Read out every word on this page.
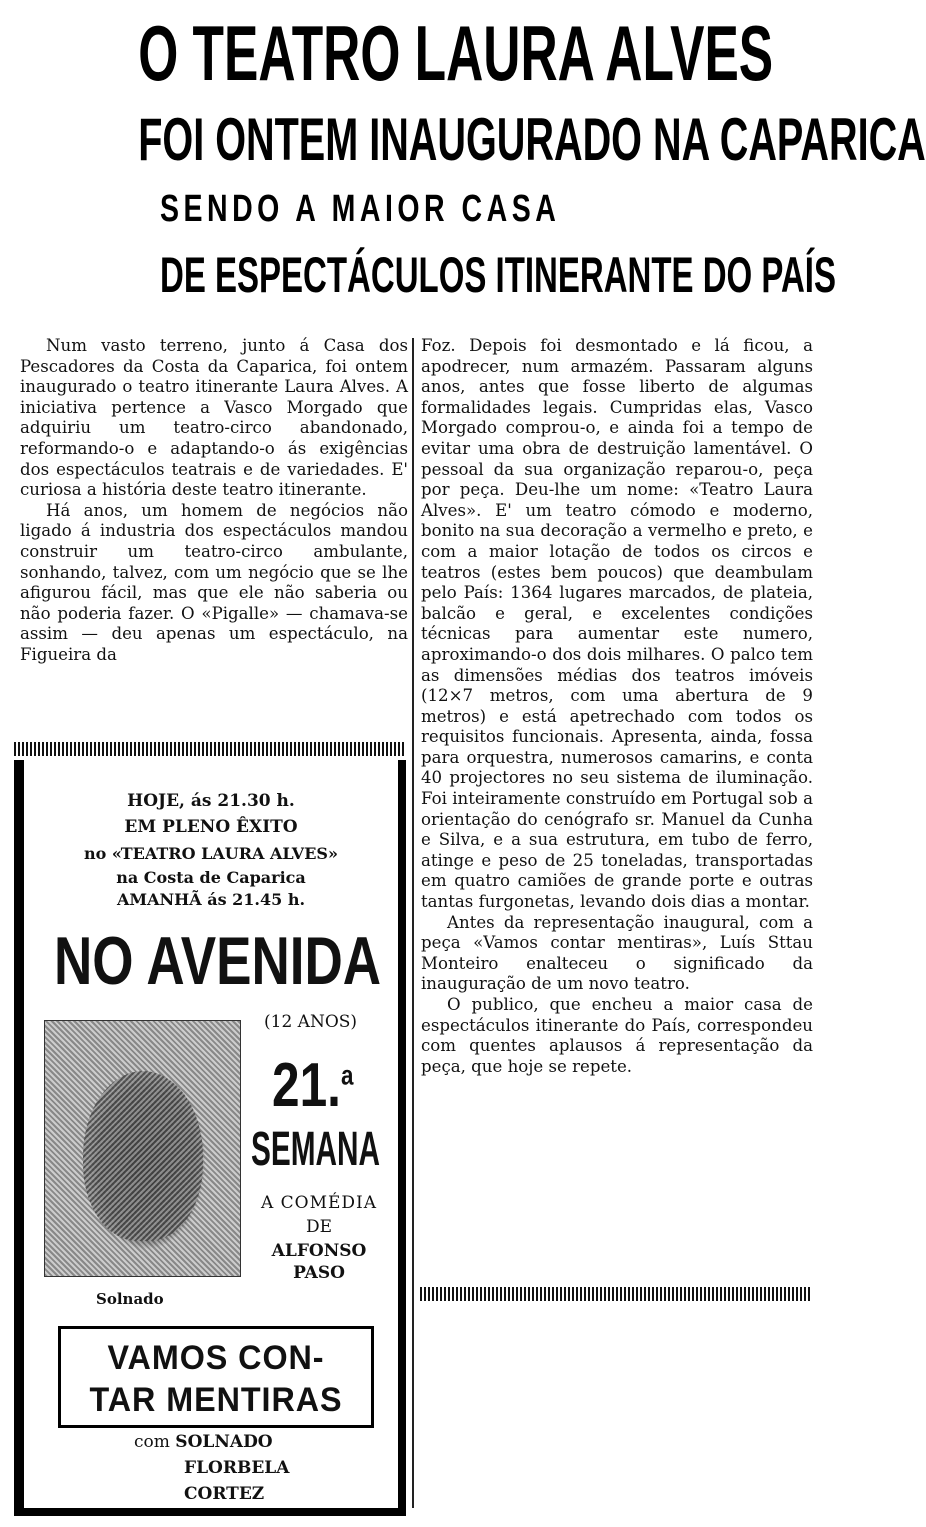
O TEATRO LAURA ALVES
FOI ONTEM INAUGURADO NA CAPARICA
SENDO A MAIOR CASA
DE ESPECTÁCULOS ITINERANTE DO PAÍS

Num vasto terreno, junto á Casa dos Pescadores da Costa da Caparica, foi ontem inaugurado o teatro itinerante Laura Alves. A iniciativa pertence a Vasco Morgado que adquiriu um teatro-circo abandonado, reformando-o e adaptando-o ás exigências dos espectáculos teatrais e de variedades. E' curiosa a história deste teatro itinerante.

Há anos, um homem de negócios não ligado á industria dos espectáculos mandou construir um teatro-circo ambulante, sonhando, talvez, com um negócio que se lhe afigurou fácil, mas que ele não saberia ou não poderia fazer. O «Pigalle» — chamava-se assim — deu apenas um espectáculo, na Figueira da

Foz. Depois foi desmontado e lá ficou, a apodrecer, num armazém. Passaram alguns anos, antes que fosse liberto de algumas formalidades legais. Cumpridas elas, Vasco Morgado comprou-o, e ainda foi a tempo de evitar uma obra de destruição lamentável. O pessoal da sua organização reparou-o, peça por peça. Deu-lhe um nome: «Teatro Laura Alves». E' um teatro cómodo e moderno, bonito na sua decoração a vermelho e preto, e com a maior lotação de todos os circos e teatros (estes bem poucos) que deambulam pelo País: 1364 lugares marcados, de plateia, balcão e geral, e excelentes condições técnicas para aumentar este numero, aproximando-o dos dois milhares. O palco tem as dimensões médias dos teatros imóveis (12×7 metros, com uma abertura de 9 metros) e está apetrechado com todos os requisitos funcionais. Apresenta, ainda, fossa para orquestra, numerosos camarins, e conta 40 projectores no seu sistema de iluminação. Foi inteiramente construído em Portugal sob a orientação do cenógrafo sr. Manuel da Cunha e Silva, e a sua estrutura, em tubo de ferro, atinge e peso de 25 toneladas, transportadas em quatro camiões de grande porte e outras tantas furgonetas, levando dois dias a montar.

Antes da representação inaugural, com a peça «Vamos contar mentiras», Luís Sttau Monteiro enalteceu o significado da inauguração de um novo teatro.

O publico, que encheu a maior casa de espectáculos itinerante do País, correspondeu com quentes aplausos á representação da peça, que hoje se repete.

HOJE, ás 21.30 h.
EM PLENO ÊXITO
no «TEATRO LAURA ALVES»
na Costa de Caparica
AMANHÃ ás 21.45 h.
NO AVENIDA
(12 ANOS)
21.$^a$
SEMANA
A COMÉDIA
DE
ALFONSO
PASO
Solnado
VAMOS CON-
TAR MENTIRAS
com SOLNADO
FLORBELA
CORTEZ
